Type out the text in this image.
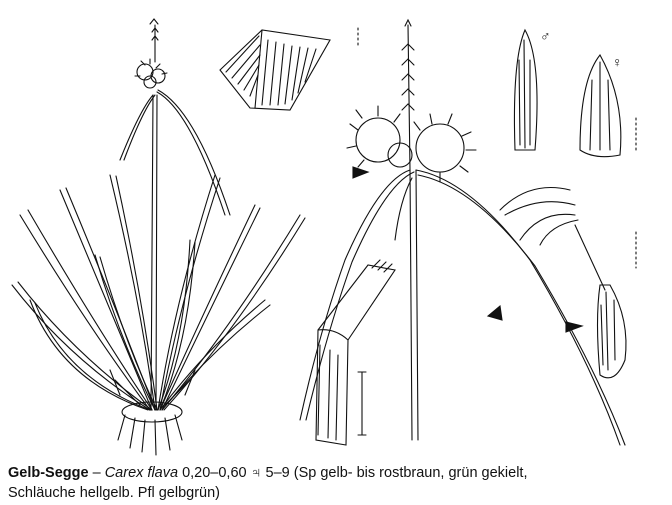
♂
♀
Gelb-Segge – Carex flava 0,20–0,60 ♃ 5–9 (Sp gelb- bis rostbraun, grün gekielt,
Schläuche hellgelb. Pfl gelbgrün)
